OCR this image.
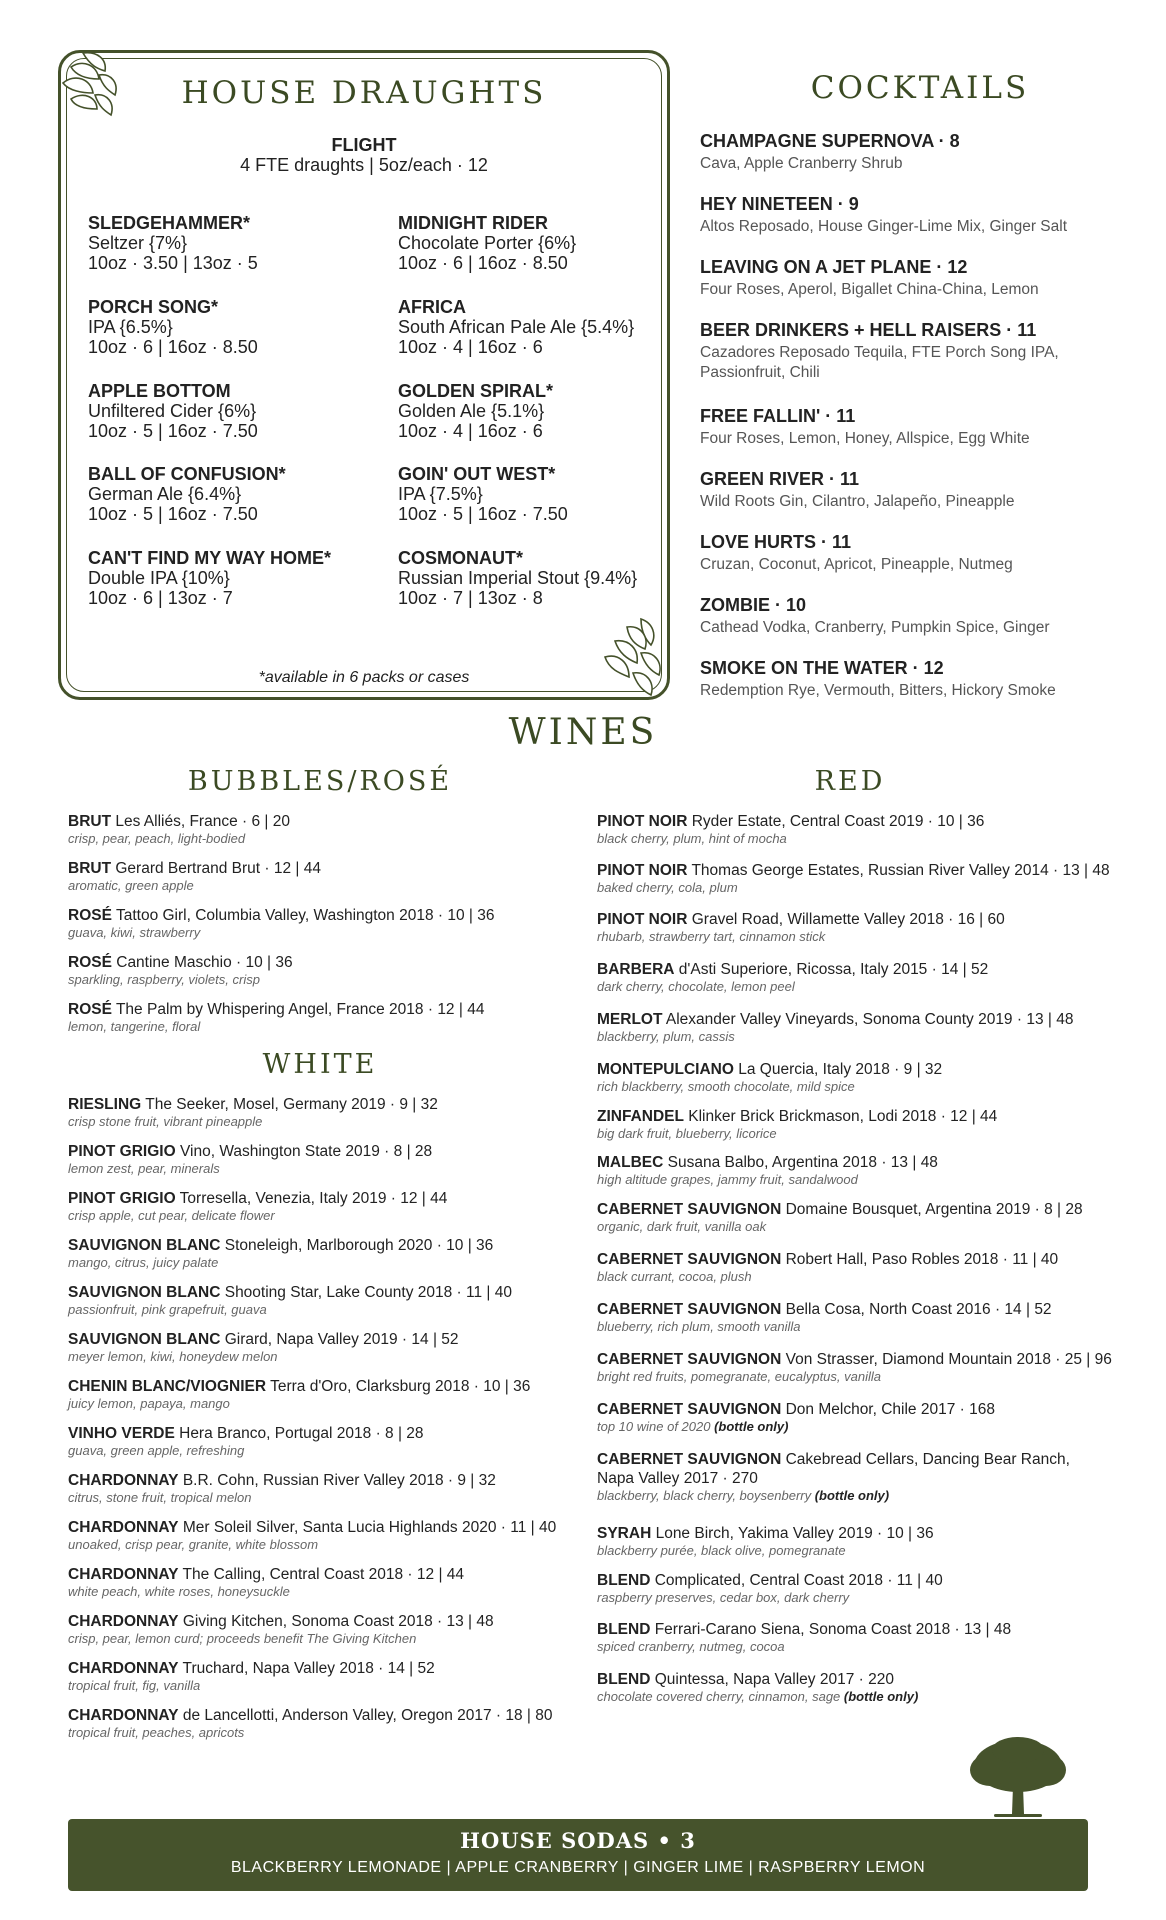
HOUSE DRAUGHTS
FLIGHT
4 FTE draughts | 5oz/each · 12
SLEDGEHAMMER*
Seltzer {7%}
10oz · 3.50 | 13oz · 5
MIDNIGHT RIDER
Chocolate Porter {6%}
10oz · 6 | 16oz · 8.50
PORCH SONG*
IPA {6.5%}
10oz · 6 | 16oz · 8.50
AFRICA
South African Pale Ale {5.4%}
10oz · 4 | 16oz · 6
APPLE BOTTOM
Unfiltered Cider {6%}
10oz · 5 | 16oz · 7.50
GOLDEN SPIRAL*
Golden Ale {5.1%}
10oz · 4 | 16oz · 6
BALL OF CONFUSION*
German Ale {6.4%}
10oz · 5 | 16oz · 7.50
GOIN' OUT WEST*
IPA {7.5%}
10oz · 5 | 16oz · 7.50
CAN'T FIND MY WAY HOME*
Double IPA {10%}
10oz · 6 | 13oz · 7
COSMONAUT*
Russian Imperial Stout {9.4%}
10oz · 7 | 13oz · 8
*available in 6 packs or cases
COCKTAILS
CHAMPAGNE SUPERNOVA · 8
Cava, Apple Cranberry Shrub
HEY NINETEEN · 9
Altos Reposado, House Ginger-Lime Mix, Ginger Salt
LEAVING ON A JET PLANE · 12
Four Roses, Aperol, Bigallet China-China, Lemon
BEER DRINKERS + HELL RAISERS · 11
Cazadores Reposado Tequila, FTE Porch Song IPA, Passionfruit, Chili
FREE FALLIN' · 11
Four Roses, Lemon, Honey, Allspice, Egg White
GREEN RIVER · 11
Wild Roots Gin, Cilantro, Jalapeño, Pineapple
LOVE HURTS · 11
Cruzan, Coconut, Apricot, Pineapple, Nutmeg
ZOMBIE · 10
Cathead Vodka, Cranberry, Pumpkin Spice, Ginger
SMOKE ON THE WATER · 12
Redemption Rye, Vermouth, Bitters, Hickory Smoke
WINES
BUBBLES/ROSÉ	RED
BRUT Les Alliés, France · 6 | 20
crisp, pear, peach, light-bodied
BRUT Gerard Bertrand Brut · 12 | 44
aromatic, green apple
ROSÉ Tattoo Girl, Columbia Valley, Washington 2018 · 10 | 36
guava, kiwi, strawberry
ROSÉ Cantine Maschio · 10 | 36
sparkling, raspberry, violets, crisp
ROSÉ The Palm by Whispering Angel, France 2018 · 12 | 44
lemon, tangerine, floral
WHITE
RIESLING The Seeker, Mosel, Germany 2019 · 9 | 32
crisp stone fruit, vibrant pineapple
PINOT GRIGIO Vino, Washington State 2019 · 8 | 28
lemon zest, pear, minerals
PINOT GRIGIO Torresella, Venezia, Italy 2019 · 12 | 44
crisp apple, cut pear, delicate flower
SAUVIGNON BLANC Stoneleigh, Marlborough 2020 · 10 | 36
mango, citrus, juicy palate
SAUVIGNON BLANC Shooting Star, Lake County 2018 · 11 | 40
passionfruit, pink grapefruit, guava
SAUVIGNON BLANC Girard, Napa Valley 2019 · 14 | 52
meyer lemon, kiwi, honeydew melon
CHENIN BLANC/VIOGNIER Terra d'Oro, Clarksburg 2018 · 10 | 36
juicy lemon, papaya, mango
VINHO VERDE Hera Branco, Portugal 2018 · 8 | 28
guava, green apple, refreshing
CHARDONNAY B.R. Cohn, Russian River Valley 2018 · 9 | 32
citrus, stone fruit, tropical melon
CHARDONNAY Mer Soleil Silver, Santa Lucia Highlands 2020 · 11 | 40
unoaked, crisp pear, granite, white blossom
CHARDONNAY The Calling, Central Coast 2018 · 12 | 44
white peach, white roses, honeysuckle
CHARDONNAY Giving Kitchen, Sonoma Coast 2018 · 13 | 48
crisp, pear, lemon curd; proceeds benefit The Giving Kitchen
CHARDONNAY Truchard, Napa Valley 2018 · 14 | 52
tropical fruit, fig, vanilla
CHARDONNAY de Lancellotti, Anderson Valley, Oregon 2017 · 18 | 80
tropical fruit, peaches, apricots
PINOT NOIR Ryder Estate, Central Coast 2019 · 10 | 36
black cherry, plum, hint of mocha
PINOT NOIR Thomas George Estates, Russian River Valley 2014 · 13 | 48
baked cherry, cola, plum
PINOT NOIR Gravel Road, Willamette Valley 2018 · 16 | 60
rhubarb, strawberry tart, cinnamon stick
BARBERA d'Asti Superiore, Ricossa, Italy 2015 · 14 | 52
dark cherry, chocolate, lemon peel
MERLOT Alexander Valley Vineyards, Sonoma County 2019 · 13 | 48
blackberry, plum, cassis
MONTEPULCIANO La Quercia, Italy 2018 · 9 | 32
rich blackberry, smooth chocolate, mild spice
ZINFANDEL Klinker Brick Brickmason, Lodi 2018 · 12 | 44
big dark fruit, blueberry, licorice
MALBEC Susana Balbo, Argentina 2018 · 13 | 48
high altitude grapes, jammy fruit, sandalwood
CABERNET SAUVIGNON Domaine Bousquet, Argentina 2019 · 8 | 28
organic, dark fruit, vanilla oak
CABERNET SAUVIGNON Robert Hall, Paso Robles 2018 · 11 | 40
black currant, cocoa, plush
CABERNET SAUVIGNON Bella Cosa, North Coast 2016 · 14 | 52
blueberry, rich plum, smooth vanilla
CABERNET SAUVIGNON Von Strasser, Diamond Mountain 2018 · 25 | 96
bright red fruits, pomegranate, eucalyptus, vanilla
CABERNET SAUVIGNON Don Melchor, Chile 2017 · 168
top 10 wine of 2020 (bottle only)
CABERNET SAUVIGNON Cakebread Cellars, Dancing Bear Ranch,
Napa Valley 2017 · 270
blackberry, black cherry, boysenberry (bottle only)
SYRAH Lone Birch, Yakima Valley 2019 · 10 | 36
blackberry purée, black olive, pomegranate
BLEND Complicated, Central Coast 2018 · 11 | 40
raspberry preserves, cedar box, dark cherry
BLEND Ferrari-Carano Siena, Sonoma Coast 2018 · 13 | 48
spiced cranberry, nutmeg, cocoa
BLEND Quintessa, Napa Valley 2017 · 220
chocolate covered cherry, cinnamon, sage (bottle only)
HOUSE SODAS • 3
BLACKBERRY LEMONADE | APPLE CRANBERRY | GINGER LIME | RASPBERRY LEMON
